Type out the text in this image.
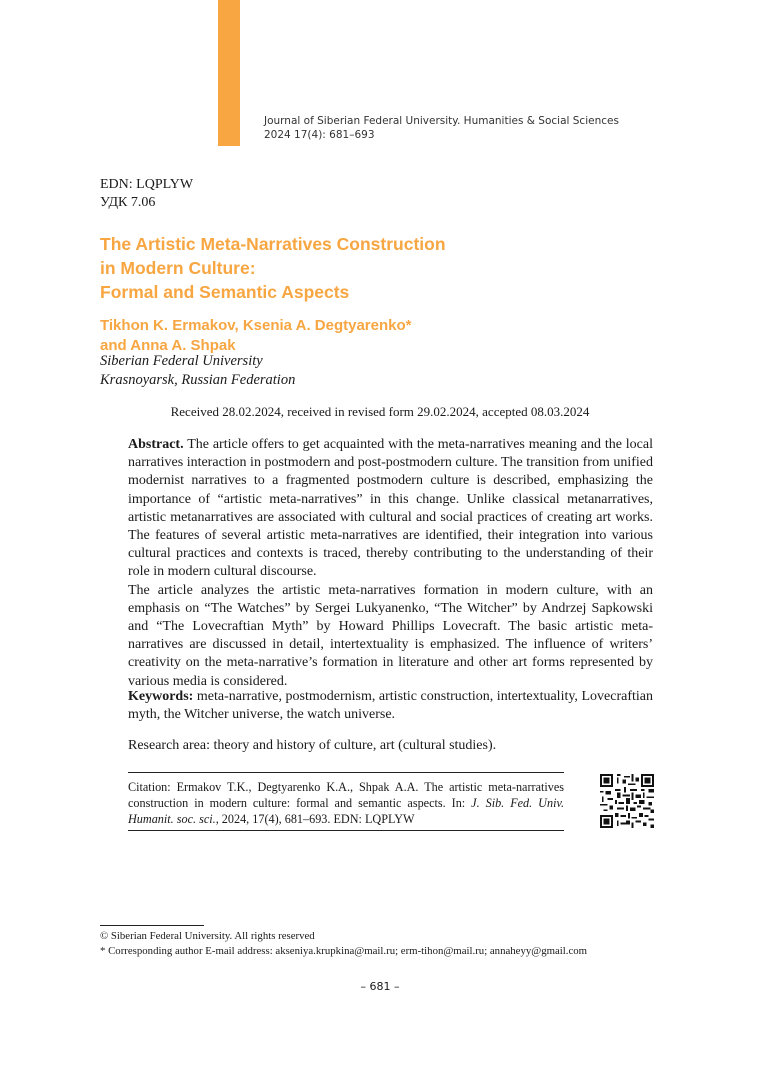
Journal of Siberian Federal University. Humanities & Social Sciences
2024 17(4): 681–693
EDN: LQPLYW
УДК 7.06
The Artistic Meta-Narratives Construction
in Modern Culture:
Formal and Semantic Aspects
Tikhon K. Ermakov, Ksenia A. Degtyarenko*
and Anna A. Shpak
Siberian Federal University
Krasnoyarsk, Russian Federation
Received 28.02.2024, received in revised form 29.02.2024, accepted 08.03.2024

Abstract. The article offers to get acquainted with the meta-narratives meaning and the local narratives interaction in postmodern and post-postmodern culture. The transition from unified modernist narratives to a fragmented postmodern culture is described, emphasizing the importance of “artistic meta-narratives” in this change. Unlike classical metanarratives, artistic metanarratives are associated with cultural and social practices of creating art works. The features of several artistic meta-narratives are identified, their integration into various cultural practices and contexts is traced, thereby contributing to the understanding of their role in modern cultural discourse.

The article analyzes the artistic meta-narratives formation in modern culture, with an emphasis on “The Watches” by Sergei Lukyanenko, “The Witcher” by Andrzej Sapkowski and “The Lovecraftian Myth” by Howard Phillips Lovecraft. The basic artistic meta-narratives are discussed in detail, intertextuality is emphasized. The influence of writers’ creativity on the meta-narrative’s formation in literature and other art forms represented by various media is considered.

Keywords: meta-narrative, postmodernism, artistic construction, intertextuality, Lovecraftian myth, the Witcher universe, the watch universe.
Research area: theory and history of culture, art (cultural studies).
Citation: Ermakov T.K., Degtyarenko K.A., Shpak A.A. The artistic meta-narratives construction in modern culture: formal and semantic aspects. In: J. Sib. Fed. Univ. Humanit. soc. sci., 2024, 17(4), 681–693. EDN: LQPLYW
© Siberian Federal University. All rights reserved
* Corresponding author E-mail address: akseniya.krupkina@mail.ru; erm-tihon@mail.ru; annaheyy@gmail.com
– 681 –
